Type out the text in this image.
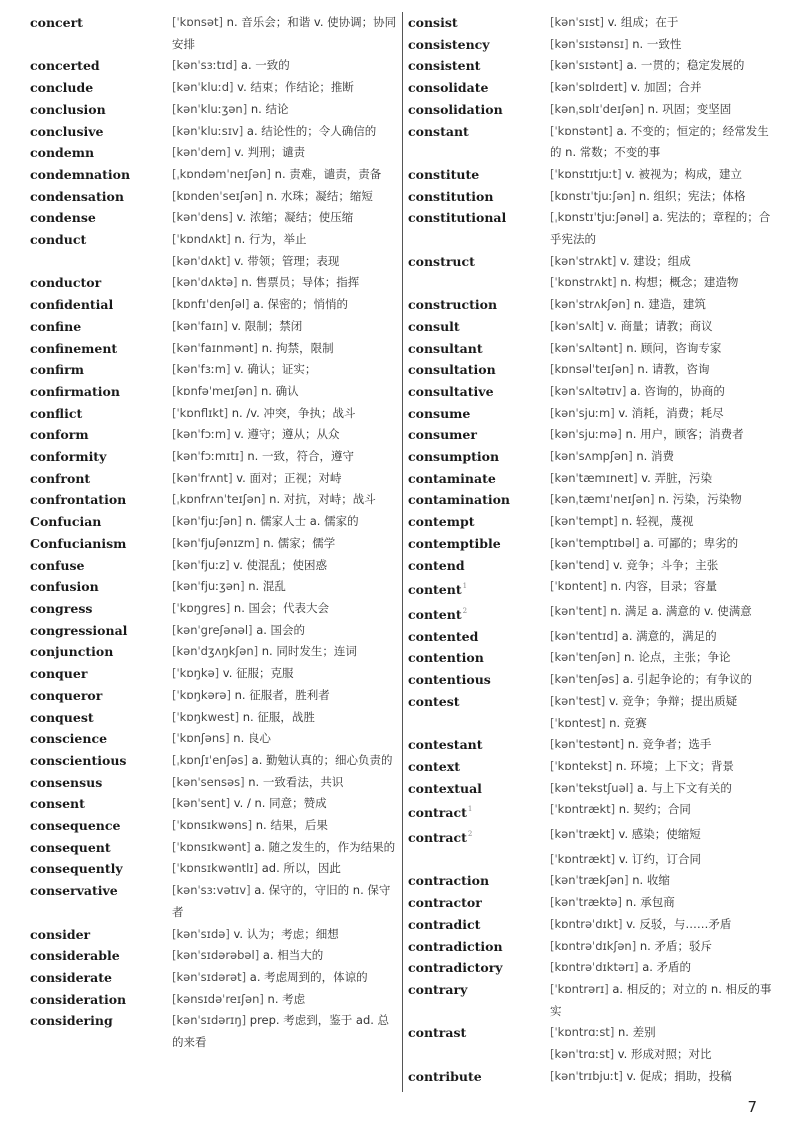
concert	[ ˈkɒnsət ] n. 音乐会；和谐 v. 使协调；协同安排
concerted	[ kənˈsɜːtɪd ] a. 一致的
conclude	[ kənˈkluːd ] v. 结束；作结论；推断
conclusion	[ kənˈkluːʒən ] n. 结论
conclusive	[ kənˈkluːsɪv ] a. 结论性的；令人确信的
condemn	[ kənˈdem ] v. 判刑；谴责
condemnation	[ ˌkɒndəmˈneɪʃən ] n. 责难，谴责，责备
condensation	[ kɒndenˈseɪʃən ] n. 水珠；凝结；缩短
condense	[ kənˈdens ] v. 浓缩；凝结；使压缩
conduct	[ ˈkɒndʌkt ] n. 行为，举止
[ kənˈdʌkt ] v. 带领；管理；表现
conductor	[ kənˈdʌktə ] n. 售票员；导体；指挥
confidential	[ kɒnfɪˈdenʃəl ] a. 保密的；悄悄的
confine	[ kənˈfaɪn ] v. 限制；禁闭
confinement	[ kənˈfaɪnmənt ] n. 拘禁，限制
confirm	[ kənˈfɜːm ] v. 确认；证实；
confirmation	[ kɒnfəˈmeɪʃən ] n. 确认
conflict	[ ˈkɒnflɪkt ] n. /v. 冲突，争执；战斗
conform	[ kənˈfɔːm ] v. 遵守；遵从；从众
conformity	[ kənˈfɔːmɪtɪ ] n. 一致，符合，遵守
confront	[ kənˈfrʌnt ] v. 面对；正视；对峙
confrontation	[ ˌkɒnfrʌnˈteɪʃən ] n. 对抗，对峙；战斗
Confucian	[ kənˈfjuːʃən ] n. 儒家人士 a. 儒家的
Confucianism	[ kənˈfjuʃənɪzm ] n. 儒家；儒学
confuse	[ kənˈfjuːz ] v. 使混乱；使困惑
confusion	[ kənˈfjuːʒən ] n. 混乱
congress	[ ˈkɒŋgres ] n. 国会；代表大会
congressional	[ kənˈgreʃənəl ] a. 国会的
conjunction	[ kənˈdʒʌŋkʃən ] n. 同时发生；连词
conquer	[ ˈkɒŋkə ] v. 征服；克服
conqueror	[ ˈkɒŋkərə ] n. 征服者，胜利者
conquest	[ ˈkɒŋkwest ] n. 征服，战胜
conscience	[ ˈkɒnʃəns ] n. 良心
conscientious	[ ˌkɒnʃɪˈenʃəs ] a. 勤勉认真的；细心负责的
consensus	[ kənˈsensəs ] n. 一致看法，共识
consent	[ kənˈsent ] v. / n. 同意；赞成
consequence	[ ˈkɒnsɪkwəns ] n. 结果，后果
consequent	[ ˈkɒnsɪkwənt ] a. 随之发生的，作为结果的
consequently	[ ˈkɒnsɪkwəntlɪ ] ad. 所以，因此
conservative	[ kənˈsɜːvətɪv ] a. 保守的，守旧的 n. 保守者
consider	[ kənˈsɪdə ] v. 认为；考虑；细想
considerable	[ kənˈsɪdərəbəl ] a. 相当大的
considerate	[ kənˈsɪdərət ] a. 考虑周到的，体谅的
consideration	[ kənsɪdəˈreɪʃən ] n. 考虑
considering	[ kənˈsɪdərɪŋ ] prep. 考虑到，鉴于 ad. 总的来看
consist	[ kənˈsɪst ] v. 组成；在于
consistency	[ kənˈsɪstənsɪ ] n. 一致性
consistent	[ kənˈsɪstənt ] a. 一贯的；稳定发展的
consolidate	[ kənˈsɒlɪdeɪt ] v. 加固；合并
consolidation	[ kənˌsɒlɪˈdeɪʃən ] n. 巩固；变坚固
constant	[ ˈkɒnstənt ] a. 不变的；恒定的；经常发生的 n. 常数；不变的事
constitute	[ ˈkɒnstɪtjuːt ] v. 被视为；构成，建立
constitution	[ kɒnstɪˈtjuːʃən ] n. 组织；宪法；体格
constitutional	[ ˌkɒnstɪˈtjuːʃənəl ] a. 宪法的；章程的；合乎宪法的
construct	[ kənˈstrʌkt ] v. 建设；组成
[ ˈkɒnstrʌkt ] n. 构想；概念；建造物
construction	[ kənˈstrʌkʃən ] n. 建造，建筑
consult	[ kənˈsʌlt ] v. 商量；请教；商议
consultant	[ kənˈsʌltənt ] n. 顾问，咨询专家
consultation	[ kɒnsəlˈteɪʃən ] n. 请教，咨询
consultative	[ kənˈsʌltətɪv ] a. 咨询的，协商的
consume	[ kənˈsjuːm ] v. 消耗，消费；耗尽
consumer	[ kənˈsjuːmə ] n. 用户，顾客；消费者
consumption	[ kənˈsʌmpʃən ] n. 消费
contaminate	[ kənˈtæmɪneɪt ] v. 弄脏，污染
contamination	[ kənˌtæmɪˈneɪʃən ] n. 污染，污染物
contempt	[ kənˈtempt ] n. 轻视，蔑视
contemptible	[ kənˈtemptɪbəl ] a. 可鄙的；卑劣的
contend	[ kənˈtend ] v. 竞争；斗争；主张
content$^1$	[ ˈkɒntent ] n. 内容，目录；容量
content$^2$	[ kənˈtent ] n. 满足 a. 满意的 v. 使满意
contented	[ kənˈtentɪd ] a. 满意的，满足的
contention	[ kənˈtenʃən ] n. 论点，主张；争论
contentious	[ kənˈtenʃəs ] a. 引起争论的；有争议的
contest	[ kənˈtest ] v. 竞争；争辩；提出质疑
[ ˈkɒntest ] n. 竞赛
contestant	[ kənˈtestənt ] n. 竞争者；选手
context	[ ˈkɒntekst ] n. 环境；上下文；背景
contextual	[ kənˈtekstʃuəl ] a. 与上下文有关的
contract$^1$	[ ˈkɒntrækt ] n. 契约；合同
contract$^2$	[ kənˈtrækt ] v. 感染；使缩短
[ ˈkɒntrækt ] v. 订约，订合同
contraction	[ kənˈtrækʃən ] n. 收缩
contractor	[ kənˈtræktə ] n. 承包商
contradict	[ kɒntrəˈdɪkt ] v. 反驳，与……矛盾
contradiction	[ kɒntrəˈdɪkʃən ] n. 矛盾；驳斥
contradictory	[ kɒntrəˈdɪktərɪ ] a. 矛盾的
contrary	[ ˈkɒntrərɪ ] a. 相反的；对立的 n. 相反的事实
contrast	[ ˈkɒntrɑːst ] n. 差别
[ kənˈtrɑːst ] v. 形成对照；对比
contribute	[ kənˈtrɪbjuːt ] v. 促成；捐助，投稿
7
